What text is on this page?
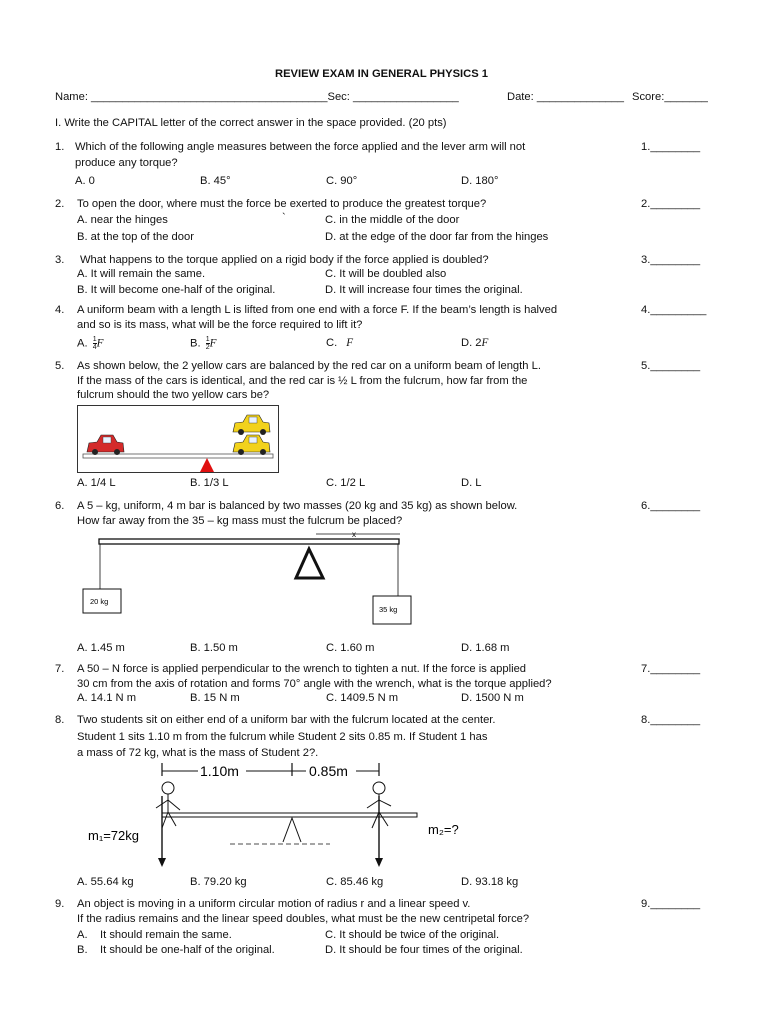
REVIEW EXAM IN GENERAL PHYSICS 1
Name: ______________________________________Sec: _________________	Date: ______________ Score:_______
I. Write the CAPITAL letter of the correct answer in the space provided. (20 pts)
1. Which of the following angle measures between the force applied and the lever arm will not
produce any torque?
A. 0	B. 45°	C. 90°	D. 180°
1.________
2. To open the door, where must the force be exerted to produce the greatest torque?
A. near the hinges	`	C. in the middle of the door
B. at the top of the door	D. at the edge of the door far from the hinges
2.________
3. What happens to the torque applied on a rigid body if the force applied is doubled?
A. It will remain the same.	C. It will be doubled also
B. It will become one-half of the original.	D. It will increase four times the original.
3.________
4. A uniform beam with a length L is lifted from one end with a force F. If the beam’s length is halved
and so is its mass, what will be the force required to lift it?
A. $\frac{1}{4}$ F	B. $\frac{1}{2}$ F	C. F	D. 2F
4._________
5. As shown below, the 2 yellow cars are balanced by the red car on a uniform beam of length L.
If the mass of the cars is identical, and the red car is ½ L from the fulcrum, how far from the
fulcrum should the two yellow cars be?
5.________
A. 1/4 L	B. 1/3 L	C. 1/2 L	D. L
6. A 5 – kg, uniform, 4 m bar is balanced by two masses (20 kg and 35 kg) as shown below.
How far away from the 35 – kg mass must the fulcrum be placed?
6.________
x
20 kg
35 kg
A. 1.45 m	B. 1.50 m	C. 1.60 m	D. 1.68 m
7. A 50 – N force is applied perpendicular to the wrench to tighten a nut. If the force is applied
30 cm from the axis of rotation and forms 70° angle with the wrench, what is the torque applied?
A. 14.1 N m	B. 15 N m	C. 1409.5 N m	D. 1500 N m
7.________
8. Two students sit on either end of a uniform bar with the fulcrum located at the center.
Student 1 sits 1.10 m from the fulcrum while Student 2 sits 0.85 m. If Student 1 has
a mass of 72 kg, what is the mass of Student 2?.
8.________
1.10m	0.85m
m₁=72kg	m₂=?
A. 55.64 kg	B. 79.20 kg	C. 85.46 kg	D. 93.18 kg
9. An object is moving in a uniform circular motion of radius r and a linear speed v.
If the radius remains and the linear speed doubles, what must be the new centripetal force?
A. It should remain the same.	C. It should be twice of the original.
B. It should be one-half of the original.	D. It should be four times of the original.
9.________
